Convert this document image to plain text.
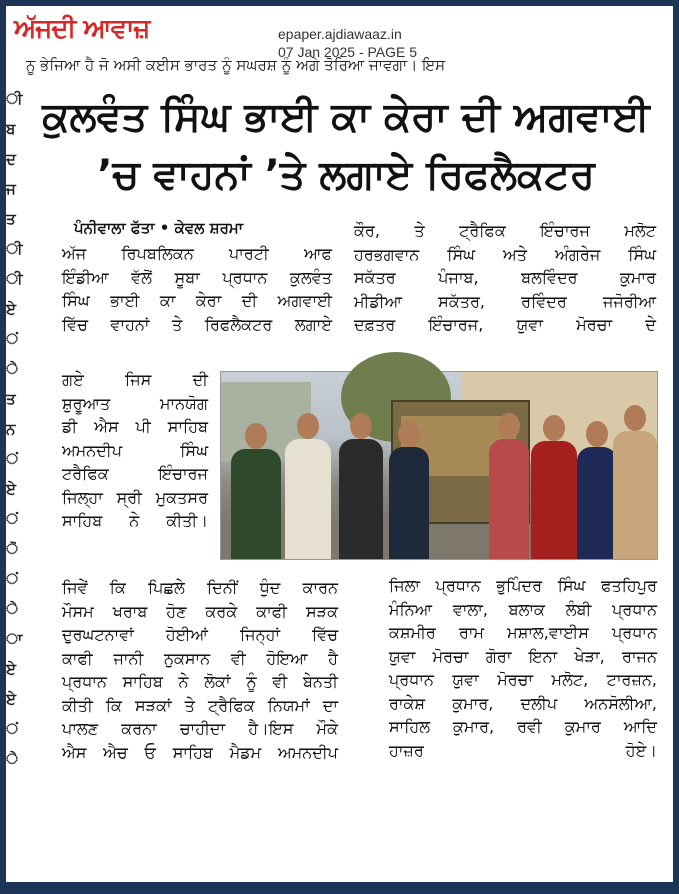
ਅੱਜਦੀ ਆਵਾਜ਼	epaper.ajdiawaaz.in
07 Jan 2025 - PAGE 5
ਨੂ ਭੇਜਿਆ ਹੈ ਜੋ ਅਸੀ ਕਈਸ ਭਾਰਤ ਨੂੰ ਸਘਰਸ਼ ਨੂੰ ਅਗੇ ਤੋਰਿਆ ਜਾਵਗਾ। ਇਸ
ੀ
ਬ
ਦ
ਜ
ਤ
ੀ
ੀ
ਏ
ਂ
ੇ
ਤ
ਨ
ਂ
ਏ
ਂ
ੋ
ਂ
ੇ
ਾ
ਏ
ਏ
ਂ
ੇ
ਕੁਲਵੰਤ ਸਿੰਘ ਭਾਈ ਕਾ ਕੇਰਾ ਦੀ ਅਗਵਾਈ
’ਚ ਵਾਹਨਾਂ ’ਤੇ ਲਗਾਏ ਰਿਫਲੈਕਟਰ
ਪੰਨੀਵਾਲਾ ਫੱਤਾ • ਕੇਵਲ ਸ਼ਰਮਾ
ਅੱਜ ਰਿਪਬਲਿਕਨ ਪਾਰਟੀ ਆਫ
ਇੰਡੀਆ ਵੱਲੋਂ ਸੂਬਾ ਪ੍ਰਧਾਨ ਕੁਲਵੰਤ
ਸਿੰਘ ਭਾਈ ਕਾ ਕੇਰਾ ਦੀ ਅਗਵਾਈ
ਵਿੱਚ ਵਾਹਨਾਂ ਤੇ ਰਿਫਲੈਕਟਰ ਲਗਾਏ
ਗਏ ਜਿਸ ਦੀ
ਸ਼ੁਰੂਆਤ ਮਾਨਯੋਗ
ਡੀ ਐਸ ਪੀ ਸਾਹਿਬ
ਅਮਨਦੀਪ ਸਿੰਘ
ਟਰੈਫਿਕ ਇੰਚਾਰਜ
ਜਿਲ੍ਹਾ ਸ੍ਰੀ ਮੁਕਤਸਰ
ਸਾਹਿਬ ਨੇ ਕੀਤੀ।
ਕੌਰ, ਤੇ ਟ੍ਰੈਫਿਕ ਇੰਚਾਰਜ ਮਲੋਟ
ਹਰਭਗਵਾਨ ਸਿੰਘ ਅਤੇ ਅੰਗਰੇਜ ਸਿੰਘ
ਸਕੱਤਰ ਪੰਜਾਬ, ਬਲਵਿੰਦਰ ਕੁਮਾਰ
ਮੀਡੀਆ ਸਕੱਤਰ, ਰਵਿੰਦਰ ਜਜੋਰੀਆ
ਦਫ਼ਤਰ ਇੰਚਾਰਜ, ਯੁਵਾ ਮੋਰਚਾ ਦੇ
ਜਿਵੇਂ ਕਿ ਪਿਛਲੇ ਦਿਨੀਂ ਧੁੰਦ ਕਾਰਨ
ਮੌਸਮ ਖਰਾਬ ਹੋਣ ਕਰਕੇ ਕਾਫੀ ਸੜਕ
ਦੁਰਘਟਨਾਵਾਂ ਹੋਈਆਂ ਜਿਨ੍ਹਾਂ ਵਿੱਚ
ਕਾਫੀ ਜਾਨੀ ਨੁਕਸਾਨ ਵੀ ਹੋਇਆ ਹੈ
ਪ੍ਰਧਾਨ ਸਾਹਿਬ ਨੇ ਲੋਕਾਂ ਨੂੰ ਵੀ ਬੇਨਤੀ
ਕੀਤੀ ਕਿ ਸੜਕਾਂ ਤੇ ਟ੍ਰੈਫਿਕ ਨਿਯਮਾਂ ਦਾ
ਪਾਲਣ ਕਰਨਾ ਚਾਹੀਦਾ ਹੈ।ਇਸ ਮੌਕੇ
ਐਸ ਐਚ ਓ ਸਾਹਿਬ ਮੈਡਮ ਅਮਨਦੀਪ
ਜਿਲਾ ਪ੍ਰਧਾਨ ਭੁਪਿੰਦਰ ਸਿੰਘ ਫਤਹਿਪੁਰ
ਮੰਨਿਆ ਵਾਲਾ, ਬਲਾਕ ਲੰਬੀ ਪ੍ਰਧਾਨ
ਕਸ਼ਮੀਰ ਰਾਮ ਮਸ਼ਾਲ,ਵਾਈਸ ਪ੍ਰਧਾਨ
ਯੁਵਾ ਮੋਰਚਾ ਗੋਰਾ ਇਨਾ ਖੇੜਾ, ਰਾਜਨ
ਪ੍ਰਧਾਨ ਯੁਵਾ ਮੋਰਚਾ ਮਲੋਟ, ਟਾਰਜ਼ਨ,
ਰਾਕੇਸ਼ ਕੁਮਾਰ, ਦਲੀਪ ਅਨਸੋਲੀਆ,
ਸਾਹਿਲ ਕੁਮਾਰ, ਰਵੀ ਕੁਮਾਰ ਆਦਿ
ਹਾਜ਼ਰ ਹੋਏ।
